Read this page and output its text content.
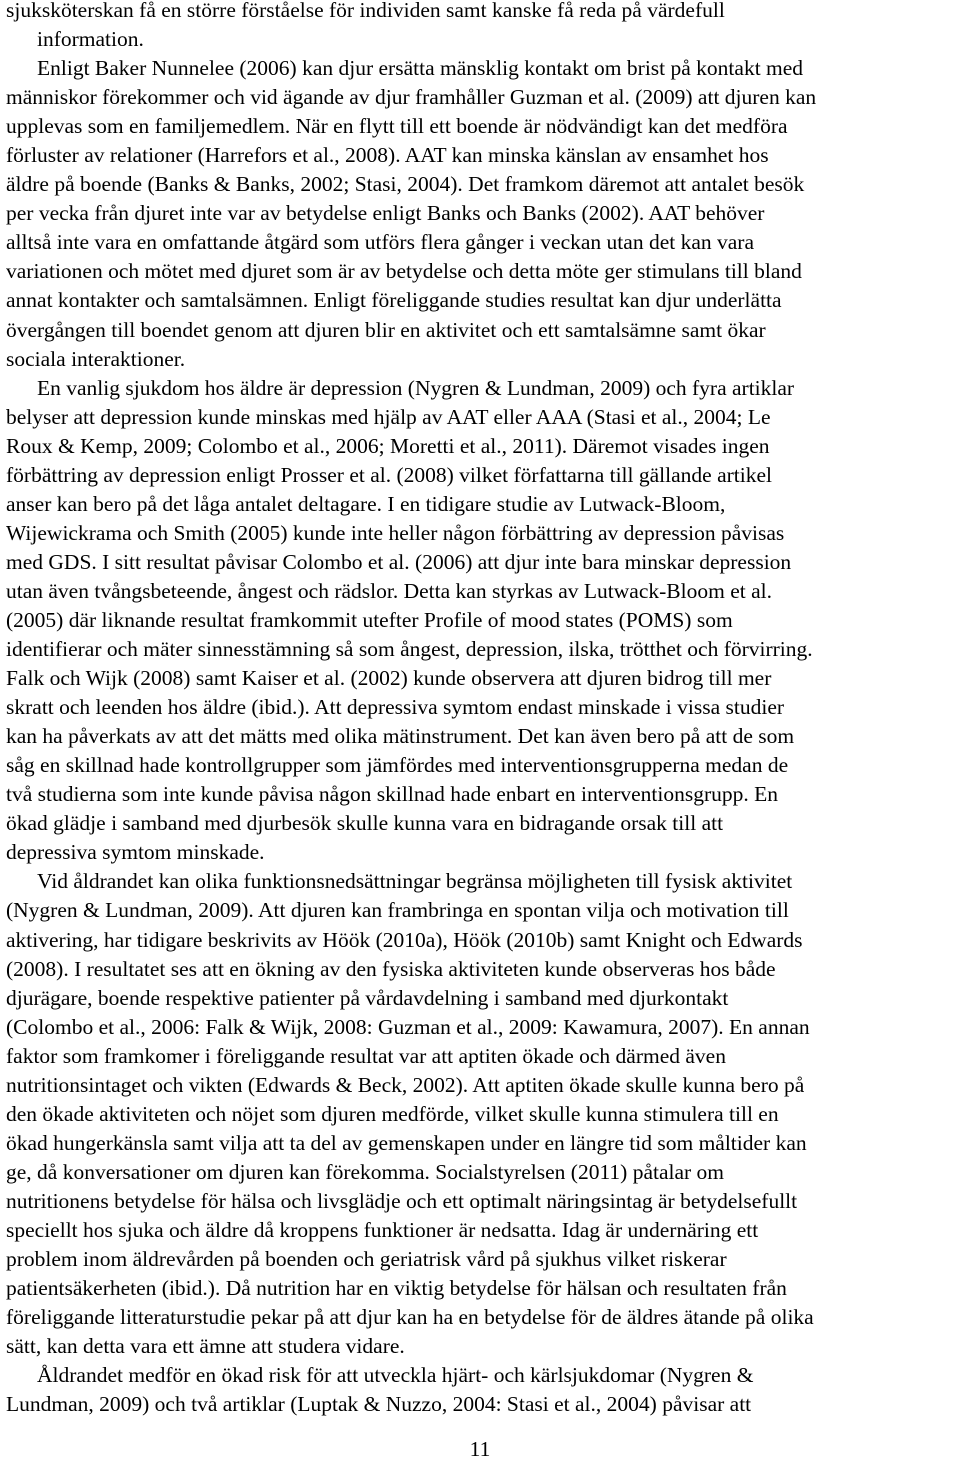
sjuksköterskan få en större förståelse för individen samt kanske få reda på värdefull
information.
Enligt Baker Nunnelee (2006) kan djur ersätta mänsklig kontakt om brist på kontakt med
människor förekommer och vid ägande av djur framhåller Guzman et al. (2009) att djuren kan
upplevas som en familjemedlem. När en flytt till ett boende är nödvändigt kan det medföra
förluster av relationer (Harrefors et al., 2008). AAT kan minska känslan av ensamhet hos
äldre på boende (Banks & Banks, 2002; Stasi, 2004). Det framkom däremot att antalet besök
per vecka från djuret inte var av betydelse enligt Banks och Banks (2002). AAT behöver
alltså inte vara en omfattande åtgärd som utförs flera gånger i veckan utan det kan vara
variationen och mötet med djuret som är av betydelse och detta möte ger stimulans till bland
annat kontakter och samtalsämnen. Enligt föreliggande studies resultat kan djur underlätta
övergången till boendet genom att djuren blir en aktivitet och ett samtalsämne samt ökar
sociala interaktioner.
En vanlig sjukdom hos äldre är depression (Nygren & Lundman, 2009) och fyra artiklar
belyser att depression kunde minskas med hjälp av AAT eller AAA (Stasi et al., 2004; Le
Roux & Kemp, 2009; Colombo et al., 2006; Moretti et al., 2011). Däremot visades ingen
förbättring av depression enligt Prosser et al. (2008) vilket författarna till gällande artikel
anser kan bero på det låga antalet deltagare. I en tidigare studie av Lutwack-Bloom,
Wijewickrama och Smith (2005) kunde inte heller någon förbättring av depression påvisas
med GDS. I sitt resultat påvisar Colombo et al. (2006) att djur inte bara minskar depression
utan även tvångsbeteende, ångest och rädslor. Detta kan styrkas av Lutwack-Bloom et al.
(2005) där liknande resultat framkommit utefter Profile of mood states (POMS) som
identifierar och mäter sinnesstämning så som ångest, depression, ilska, trötthet och förvirring.
Falk och Wijk (2008) samt Kaiser et al. (2002) kunde observera att djuren bidrog till mer
skratt och leenden hos äldre (ibid.). Att depressiva symtom endast minskade i vissa studier
kan ha påverkats av att det mätts med olika mätinstrument. Det kan även bero på att de som
såg en skillnad hade kontrollgrupper som jämfördes med interventionsgrupperna medan de
två studierna som inte kunde påvisa någon skillnad hade enbart en interventionsgrupp. En
ökad glädje i samband med djurbesök skulle kunna vara en bidragande orsak till att
depressiva symtom minskade.
Vid åldrandet kan olika funktionsnedsättningar begränsa möjligheten till fysisk aktivitet
(Nygren & Lundman, 2009). Att djuren kan frambringa en spontan vilja och motivation till
aktivering, har tidigare beskrivits av Höök (2010a), Höök (2010b) samt Knight och Edwards
(2008). I resultatet ses att en ökning av den fysiska aktiviteten kunde observeras hos både
djurägare, boende respektive patienter på vårdavdelning i samband med djurkontakt
(Colombo et al., 2006: Falk & Wijk, 2008: Guzman et al., 2009: Kawamura, 2007). En annan
faktor som framkomer i föreliggande resultat var att aptiten ökade och därmed även
nutritionsintaget och vikten (Edwards & Beck, 2002). Att aptiten ökade skulle kunna bero på
den ökade aktiviteten och nöjet som djuren medförde, vilket skulle kunna stimulera till en
ökad hungerkänsla samt vilja att ta del av gemenskapen under en längre tid som måltider kan
ge, då konversationer om djuren kan förekomma. Socialstyrelsen (2011) påtalar om
nutritionens betydelse för hälsa och livsglädje och ett optimalt näringsintag är betydelsefullt
speciellt hos sjuka och äldre då kroppens funktioner är nedsatta. Idag är undernäring ett
problem inom äldrevården på boenden och geriatrisk vård på sjukhus vilket riskerar
patientsäkerheten (ibid.). Då nutrition har en viktig betydelse för hälsan och resultaten från
föreliggande litteraturstudie pekar på att djur kan ha en betydelse för de äldres ätande på olika
sätt, kan detta vara ett ämne att studera vidare.
Åldrandet medför en ökad risk för att utveckla hjärt- och kärlsjukdomar (Nygren &
Lundman, 2009) och två artiklar (Luptak & Nuzzo, 2004: Stasi et al., 2004) påvisar att
11
